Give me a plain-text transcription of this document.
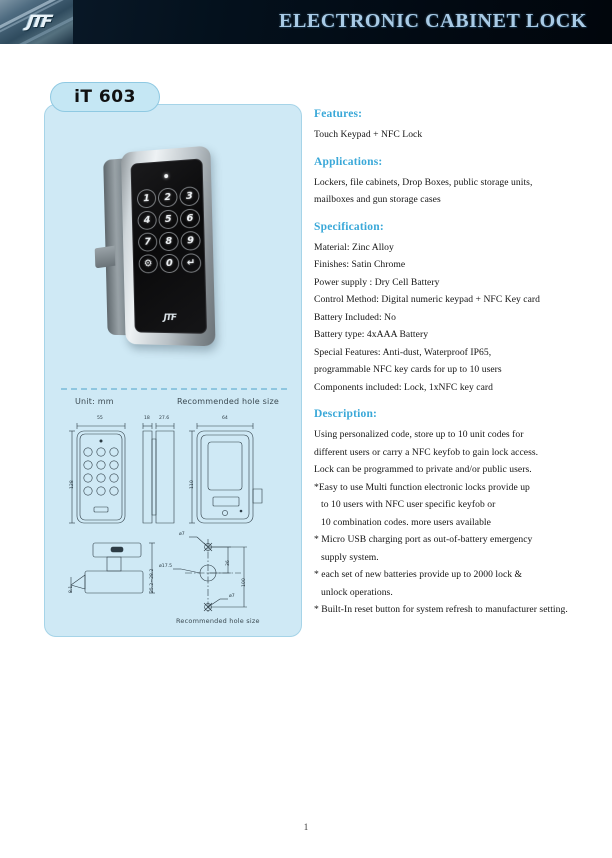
JTF	ELECTRONIC CABINET LOCK
iT 603
1	2	3
4	5	6
7	8	9
⚙	0	↵
JTF
Unit: mm	Recommended hole size
55
128
18 27.6	64
110
8.1	25.2~28.2
ø7
ø17.5
ø7
36
100
Recommended hole size
Features:
Touch Keypad + NFC Lock
Applications:
Lockers, file cabinets, Drop Boxes, public storage units,
mailboxes and gun storage cases
Specification:
Material: Zinc Alloy
Finishes: Satin Chrome
Power supply : Dry Cell Battery
Control Method: Digital numeric keypad + NFC Key card
Battery Included: No
Battery type: 4xAAA Battery
Special Features: Anti-dust, Waterproof IP65,
programmable NFC key cards for up to 10 users
Components included: Lock, 1xNFC key card
Description:
Using personalized code, store up to 10 unit codes for
different users or carry a NFC keyfob to gain lock access.
Lock can be programmed to private and/or public users.
*Easy to use Multi function electronic locks provide up
to 10 users with NFC user specific keyfob or
10 combination codes. more users available
* Micro USB charging port as out-of-battery emergency
supply system.
* each set of new batteries provide up to 2000 lock &
unlock operations.
* Built-In reset button for system refresh to manufacturer setting.
1
